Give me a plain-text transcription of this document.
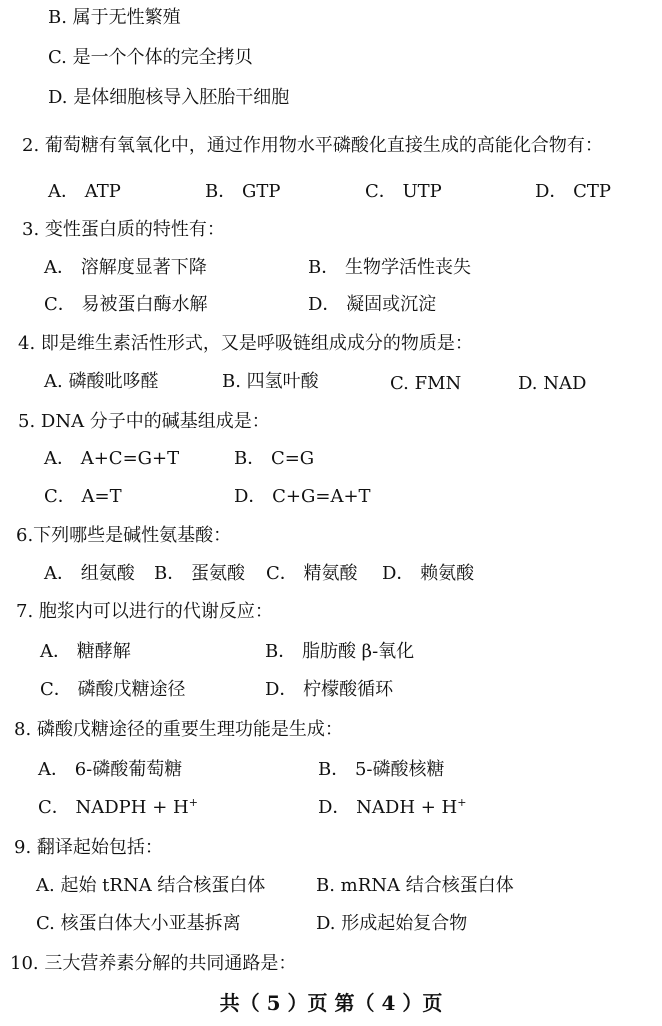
B. 属于无性繁殖
C. 是一个个体的完全拷贝
D. 是体细胞核导入胚胎干细胞
2. 葡萄糖有氧氧化中，通过作用物水平磷酸化直接生成的高能化合物有：
A． ATP	B． GTP	C． UTP	D． CTP
3. 变性蛋白质的特性有：
A． 溶解度显著下降	B． 生物学活性丧失
C． 易被蛋白酶水解	D． 凝固或沉淀
4. 即是维生素活性形式，又是呼吸链组成成分的物质是：
A. 磷酸吡哆醛	B. 四氢叶酸	C. FMN	D. NAD
5. DNA 分子中的碱基组成是：
A． A+C=G+T	B． C=G
C． A=T	D． C+G=A+T
6.下列哪些是碱性氨基酸：
A． 组氨酸 B． 蛋氨酸 C． 精氨酸 D． 赖氨酸
7. 胞浆内可以进行的代谢反应：
A． 糖酵解	B． 脂肪酸 β-氧化
C． 磷酸戊糖途径	D． 柠檬酸循环
8. 磷酸戊糖途径的重要生理功能是生成：
A． 6-磷酸葡萄糖	B． 5-磷酸核糖
C． NADPH + H+	D． NADH + H+
9. 翻译起始包括：
A. 起始 tRNA 结合核蛋白体	B. mRNA 结合核蛋白体
C. 核蛋白体大小亚基拆离	D. 形成起始复合物
10. 三大营养素分解的共同通路是：
共（ 5 ）页 第（ 4 ）页
